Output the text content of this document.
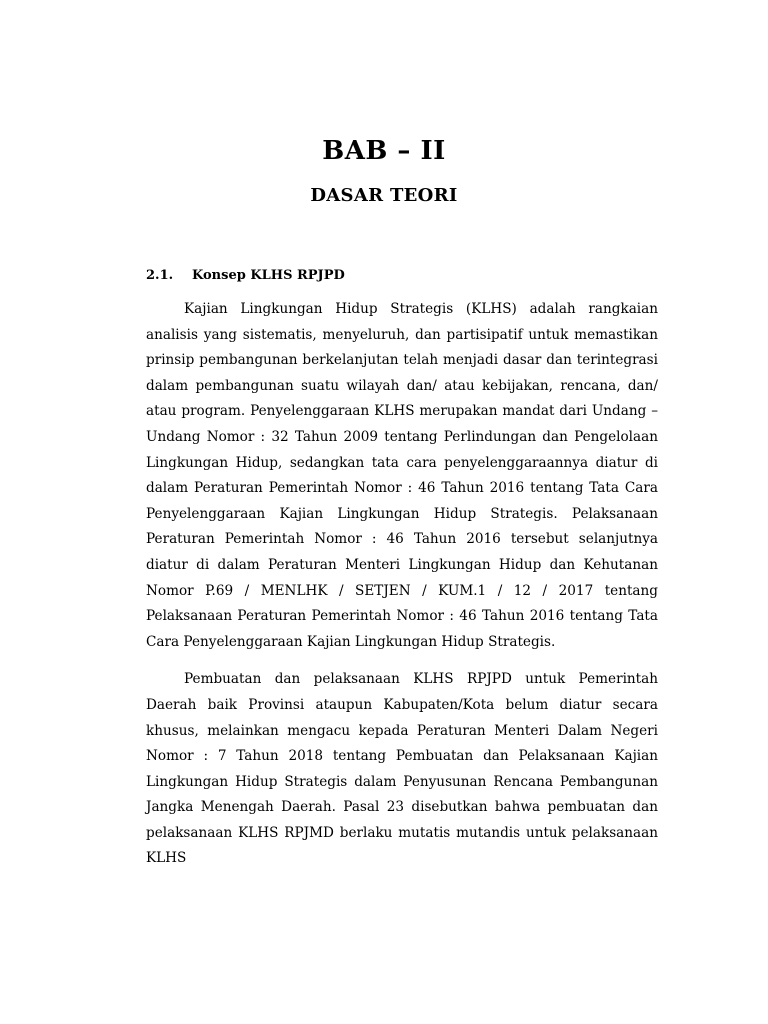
BAB – II
DASAR TEORI
2.1. Konsep KLHS RPJPD

Kajian Lingkungan Hidup Strategis (KLHS) adalah rangkaian analisis yang sistematis, menyeluruh, dan partisipatif untuk memastikan prinsip pembangunan berkelanjutan telah menjadi dasar dan terintegrasi dalam pembangunan suatu wilayah dan/ atau kebijakan, rencana, dan/ atau program. Penyelenggaraan KLHS merupakan mandat dari Undang – Undang Nomor : 32 Tahun 2009 tentang Perlindungan dan Pengelolaan Lingkungan Hidup, sedangkan tata cara penyelenggaraannya diatur di dalam Peraturan Pemerintah Nomor : 46 Tahun 2016 tentang Tata Cara Penyelenggaraan Kajian Lingkungan Hidup Strategis. Pelaksanaan Peraturan Pemerintah Nomor : 46 Tahun 2016 tersebut selanjutnya diatur di dalam Peraturan Menteri Lingkungan Hidup dan Kehutanan Nomor P.69 / MENLHK / SETJEN / KUM.1 / 12 / 2017 tentang Pelaksanaan Peraturan Pemerintah Nomor : 46 Tahun 2016 tentang Tata Cara Penyelenggaraan Kajian Lingkungan Hidup Strategis.

Pembuatan dan pelaksanaan KLHS RPJPD untuk Pemerintah Daerah baik Provinsi ataupun Kabupaten/Kota belum diatur secara khusus, melainkan mengacu kepada Peraturan Menteri Dalam Negeri Nomor : 7 Tahun 2018 tentang Pembuatan dan Pelaksanaan Kajian Lingkungan Hidup Strategis dalam Penyusunan Rencana Pembangunan Jangka Menengah Daerah. Pasal 23 disebutkan bahwa pembuatan dan pelaksanaan KLHS RPJMD berlaku mutatis mutandis untuk pelaksanaan KLHS
